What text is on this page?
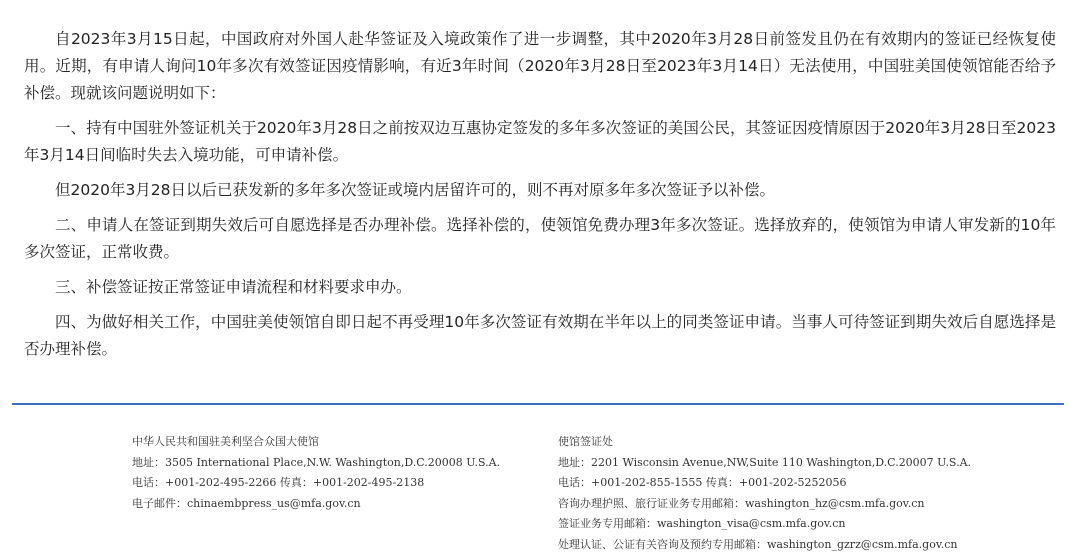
自2023年3月15日起，中国政府对外国人赴华签证及入境政策作了进一步调整，其中2020年3月28日前签发且仍在有效期内的签证已经恢复使用。近期，有申请人询问10年多次有效签证因疫情影响，有近3年时间（2020年3月28日至2023年3月14日）无法使用，中国驻美国使领馆能否给予补偿。现就该问题说明如下：

一、持有中国驻外签证机关于2020年3月28日之前按双边互惠协定签发的多年多次签证的美国公民，其签证因疫情原因于2020年3月28日至2023年3月14日间临时失去入境功能，可申请补偿。

但2020年3月28日以后已获发新的多年多次签证或境内居留许可的，则不再对原多年多次签证予以补偿。

二、申请人在签证到期失效后可自愿选择是否办理补偿。选择补偿的，使领馆免费办理3年多次签证。选择放弃的，使领馆为申请人审发新的10年多次签证，正常收费。

三、补偿签证按正常签证申请流程和材料要求申办。

四、为做好相关工作，中国驻美使领馆自即日起不再受理10年多次签证有效期在半年以上的同类签证申请。当事人可待签证到期失效后自愿选择是否办理补偿。

中华人民共和国驻美利坚合众国大使馆
地址：3505 International Place,N.W. Washington,D.C.20008 U.S.A.
电话：+001-202-495-2266 传真：+001-202-495-2138
电子邮件：chinaembpress_us@mfa.gov.cn
使馆签证处
地址：2201 Wisconsin Avenue,NW,Suite 110 Washington,D.C.20007 U.S.A.
电话：+001-202-855-1555 传真：+001-202-5252056
咨询办理护照、旅行证业务专用邮箱：washington_hz@csm.mfa.gov.cn
签证业务专用邮箱：washington_visa@csm.mfa.gov.cn
处理认证、公证有关咨询及预约专用邮箱：washington_gzrz@csm.mfa.gov.cn
